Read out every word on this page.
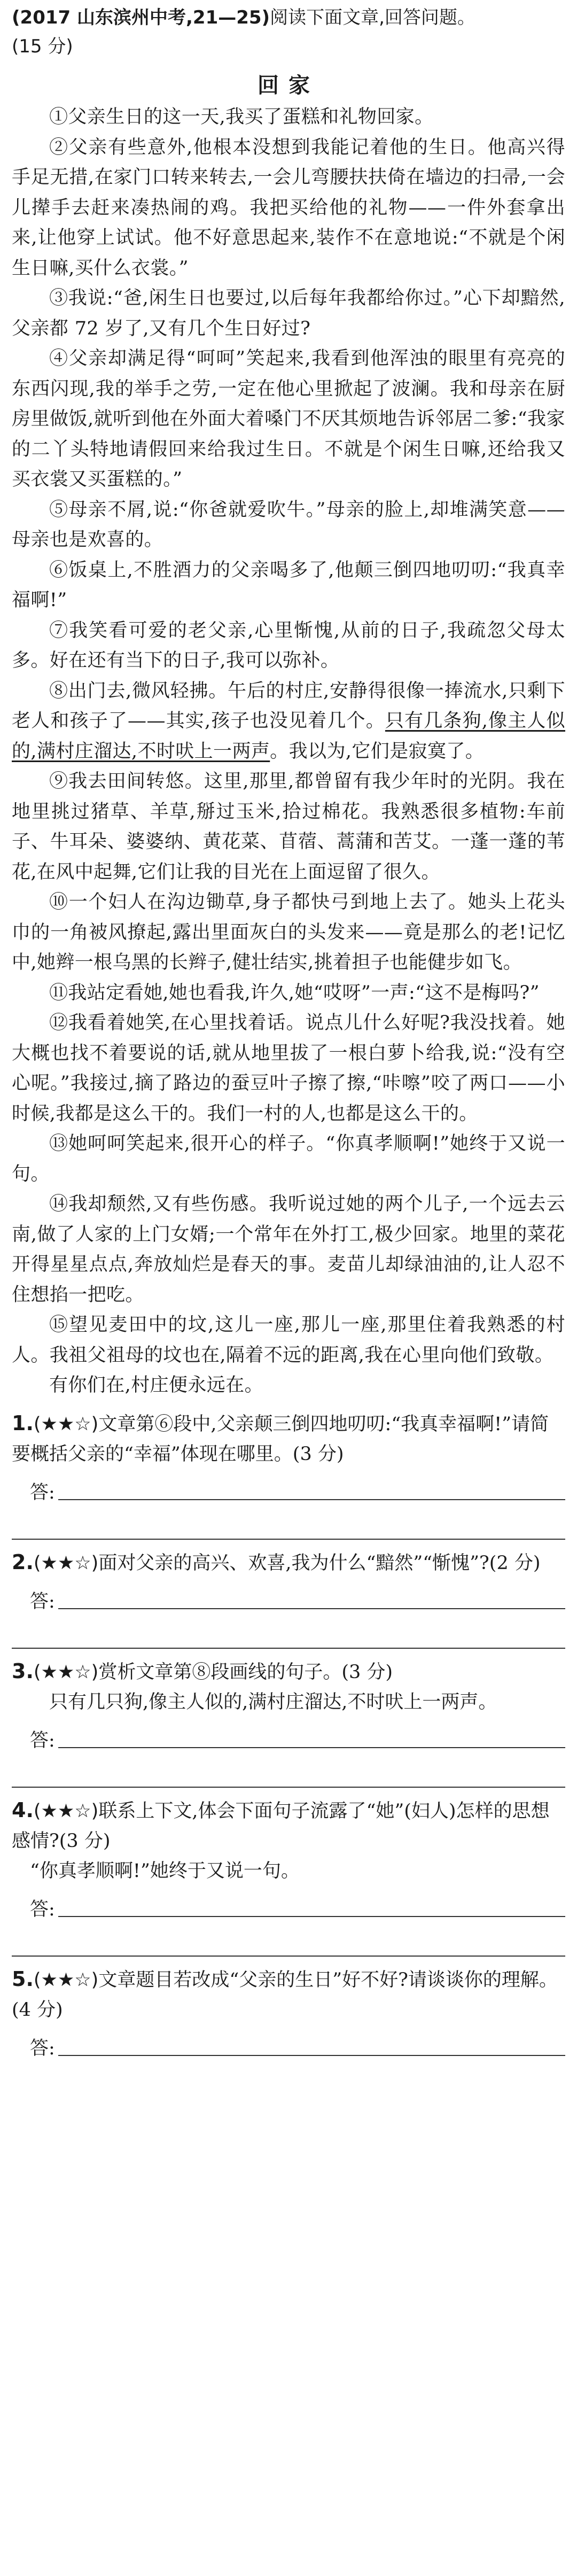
(2017 山东滨州中考,21—25)阅读下面文章,回答问题。
(15 分)
回家

①父亲生日的这一天,我买了蛋糕和礼物回家。

②父亲有些意外,他根本没想到我能记着他的生日。他高兴得手足无措,在家门口转来转去,一会儿弯腰扶扶倚在墙边的扫帚,一会儿撵手去赶来凑热闹的鸡。我把买给他的礼物——一件外套拿出来,让他穿上试试。他不好意思起来,装作不在意地说:“不就是个闲生日嘛,买什么衣裳。”

③我说:“爸,闲生日也要过,以后每年我都给你过。”心下却黯然,父亲都 72 岁了,又有几个生日好过?

④父亲却满足得“呵呵”笑起来,我看到他浑浊的眼里有亮亮的东西闪现,我的举手之劳,一定在他心里掀起了波澜。我和母亲在厨房里做饭,就听到他在外面大着嗓门不厌其烦地告诉邻居二爹:“我家的二丫头特地请假回来给我过生日。不就是个闲生日嘛,还给我又买衣裳又买蛋糕的。”

⑤母亲不屑,说:“你爸就爱吹牛。”母亲的脸上,却堆满笑意——母亲也是欢喜的。

⑥饭桌上,不胜酒力的父亲喝多了,他颠三倒四地叨叨:“我真幸福啊!”

⑦我笑看可爱的老父亲,心里惭愧,从前的日子,我疏忽父母太多。好在还有当下的日子,我可以弥补。

⑧出门去,微风轻拂。午后的村庄,安静得很像一捧流水,只剩下老人和孩子了——其实,孩子也没见着几个。只有几条狗,像主人似的,满村庄溜达,不时吠上一两声。我以为,它们是寂寞了。

⑨我去田间转悠。这里,那里,都曾留有我少年时的光阴。我在地里挑过猪草、羊草,掰过玉米,拾过棉花。我熟悉很多植物:车前子、牛耳朵、婆婆纳、黄花菜、苜蓿、蒿蒲和苦艾。一蓬一蓬的苇花,在风中起舞,它们让我的目光在上面逗留了很久。

⑩一个妇人在沟边锄草,身子都快弓到地上去了。她头上花头巾的一角被风撩起,露出里面灰白的头发来——竟是那么的老!记忆中,她辫一根乌黑的长辫子,健壮结实,挑着担子也能健步如飞。

⑪我站定看她,她也看我,许久,她“哎呀”一声:“这不是梅吗?”

⑫我看着她笑,在心里找着话。说点儿什么好呢?我没找着。她大概也找不着要说的话,就从地里拔了一根白萝卜给我,说:“没有空心呢。”我接过,摘了路边的蚕豆叶子擦了擦,“咔嚓”咬了两口——小时候,我都是这么干的。我们一村的人,也都是这么干的。

⑬她呵呵笑起来,很开心的样子。“你真孝顺啊!”她终于又说一句。

⑭我却颓然,又有些伤感。我听说过她的两个儿子,一个远去云南,做了人家的上门女婿;一个常年在外打工,极少回家。地里的菜花开得星星点点,奔放灿烂是春天的事。麦苗儿却绿油油的,让人忍不住想掐一把吃。

⑮望见麦田中的坟,这儿一座,那儿一座,那里住着我熟悉的村人。我祖父祖母的坟也在,隔着不远的距离,我在心里向他们致敬。

有你们在,村庄便永远在。

1.(★★☆)文章第⑥段中,父亲颠三倒四地叨叨:“我真幸福啊!”请简要概括父亲的“幸福”体现在哪里。(3 分)
答:
2.(★★☆)面对父亲的高兴、欢喜,我为什么“黯然”“惭愧”?(2 分)
答:
3.(★★☆)赏析文章第⑧段画线的句子。(3 分)

只有几只狗,像主人似的,满村庄溜达,不时吠上一两声。

答:
4.(★★☆)联系上下文,体会下面句子流露了“她”(妇人)怎样的思想感情?(3 分)

“你真孝顺啊!”她终于又说一句。

答:
5.(★★☆)文章题目若改成“父亲的生日”好不好?请谈谈你的理解。(4 分)
答:
